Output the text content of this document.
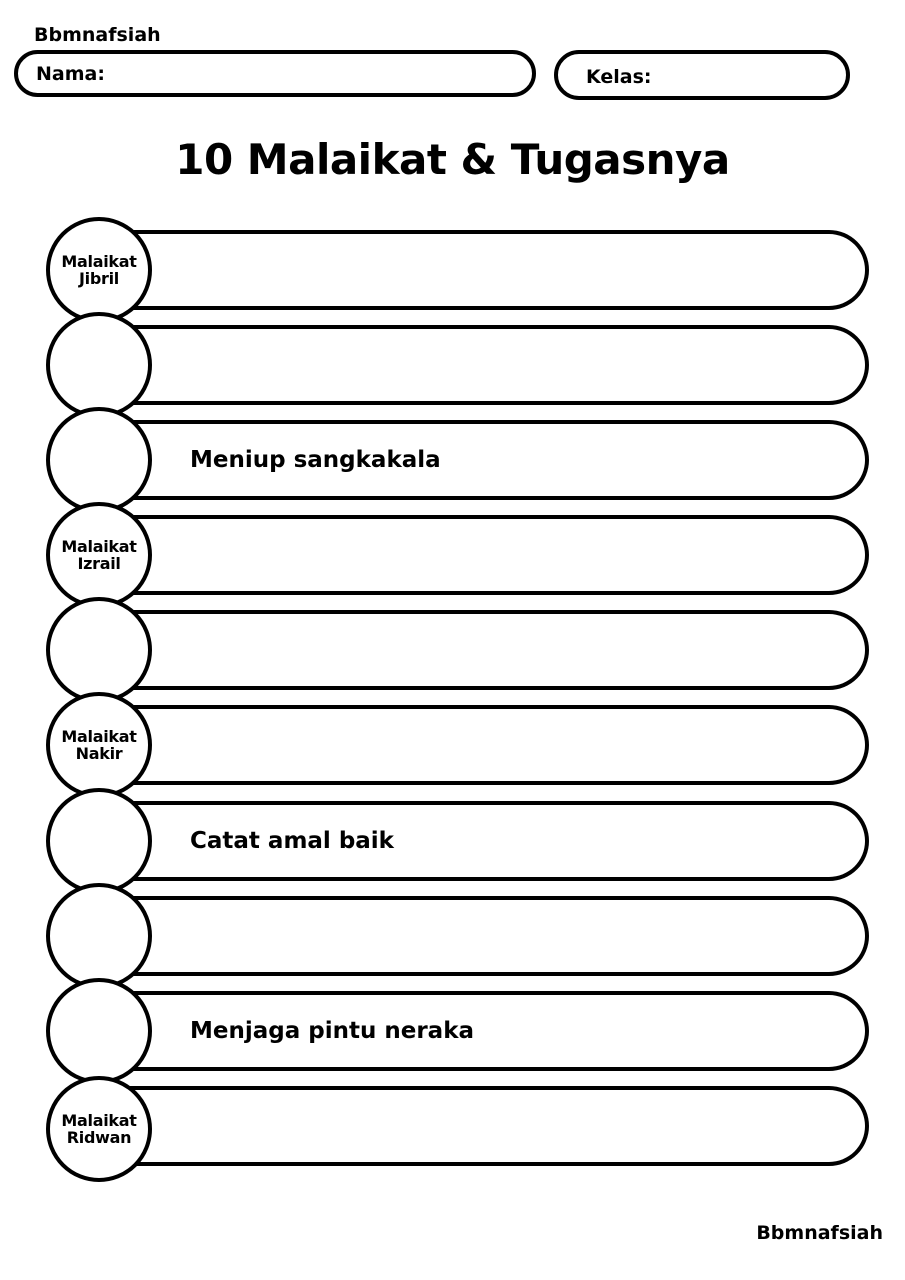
Bbmnafsiah
Nama:	Kelas:
10 Malaikat & Tugasnya
Meniup sangkakala
Catat amal baik
Menjaga pintu neraka
Malaikat
Jibril
Malaikat
Izrail
Malaikat
Nakir
Malaikat
Ridwan
Bbmnafsiah
